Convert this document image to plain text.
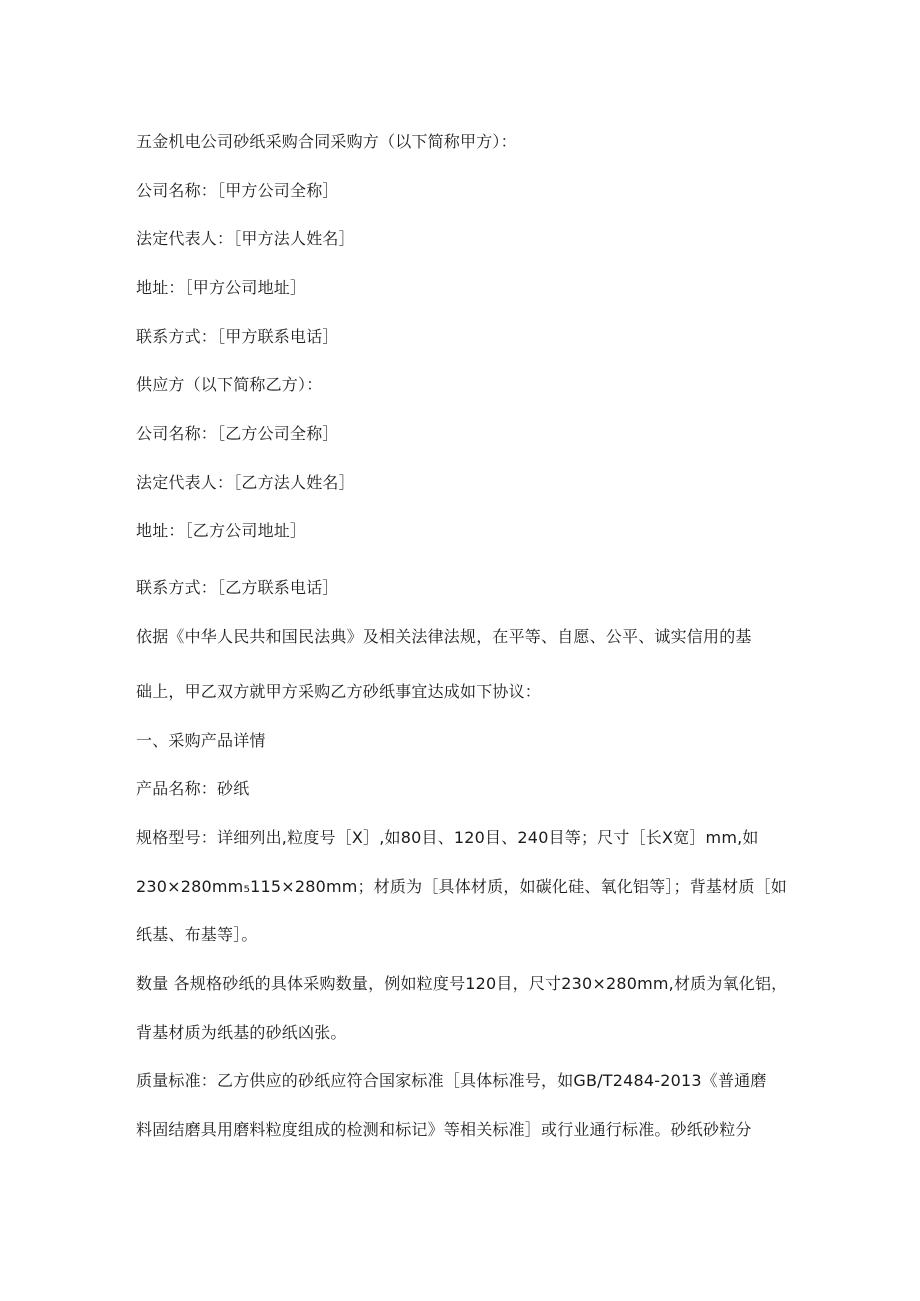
五金机电公司砂纸采购合同采购方（以下简称甲方）：
公司名称：［甲方公司全称］
法定代表人：［甲方法人姓名］
地址：［甲方公司地址］
联系方式：［甲方联系电话］
供应方（以下简称乙方）：
公司名称：［乙方公司全称］
法定代表人：［乙方法人姓名］
地址：［乙方公司地址］
联系方式：［乙方联系电话］
依据《中华人民共和国民法典》及相关法律法规，在平等、自愿、公平、诚实信用的基
础上，甲乙双方就甲方采购乙方砂纸事宜达成如下协议：
一、采购产品详情
产品名称：砂纸
规格型号：详细列出,粒度号［X］,如80目、120目、240目等；尺寸［长X宽］mm,如
230×280mm₅115×280mm；材质为［具体材质，如碳化硅、氧化铝等］；背基材质［如
纸基、布基等］。
数量 各规格砂纸的具体采购数量，例如粒度号120目，尺寸230×280mm,材质为氧化铝，
背基材质为纸基的砂纸凶张。
质量标准：乙方供应的砂纸应符合国家标准［具体标准号，如GB/T2484-2013《普通磨
料固结磨具用磨料粒度组成的检测和标记》等相关标准］或行业通行标准。砂纸砂粒分
